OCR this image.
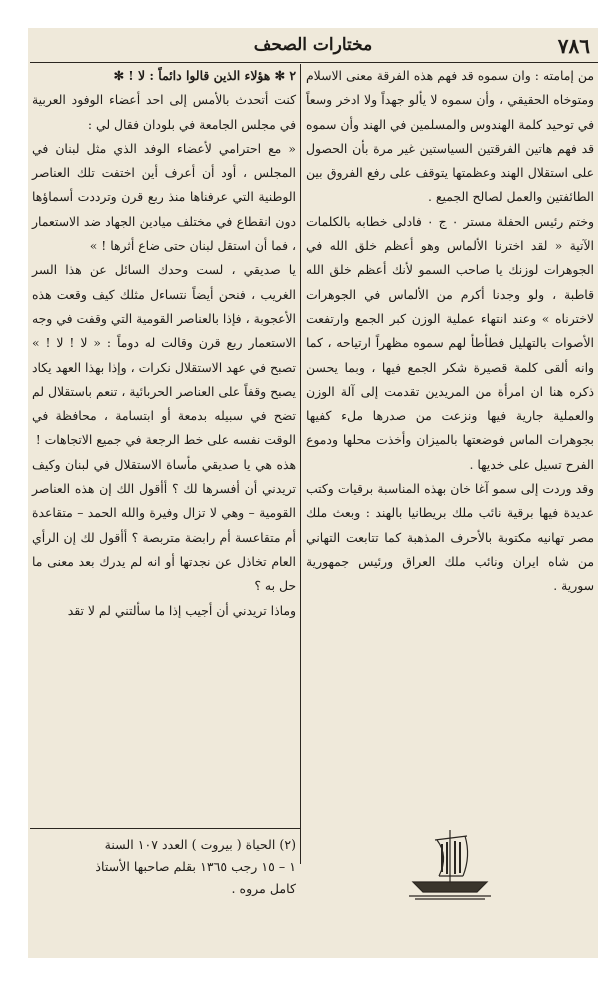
٧٨٦
مختارات الصحف

من إمامته : وان سموه قد فهم هذه الفرقة معنى الاسلام ومتوخاه الحقيقي ، وأن سموه لا يألو جهداً ولا ادخر وسعاً في توحيد كلمة الهندوس والمسلمين في الهند وأن سموه قد فهم هاتين الفرقتين السياستين غير مرة بأن الحصول على استقلال الهند وعظمتها يتوقف على رفع الفروق بين الطائفتين والعمل لصالح الجميع .

وختم رئيس الحفلة مستر ٠ ج ٠ فادلى خطابه بالكلمات الآتية « لقد اخترنا الألماس وهو أعظم خلق الله في الجوهرات لوزنك يا صاحب السمو لأنك أعظم خلق الله قاطبة ، ولو وجدنا أكرم من الألماس في الجوهرات لاخترناه » وعند انتهاء عملية الوزن كبر الجمع وارتفعت الأصوات بالتهليل فطأطأ لهم سموه مظهراً ارتياحه ، كما وانه ألقى كلمة قصيرة شكر الجمع فيها ، وبما يحسن ذكره هنا ان امرأة من المريدين تقدمت إلى آلة الوزن والعملية جارية فيها ونزعت من صدرها ملء كفيها بجوهرات الماس فوضعتها بالميزان وأخذت محلها ودموع الفرح تسيل على خديها .

وقد وردت إلى سمو آغا خان بهذه المناسبة برقيات وكتب عديدة فيها برقية نائب ملك بريطانيا بالهند : وبعث ملك مصر تهانيه مكتوبة بالأحرف المذهبة كما تتابعت التهاني من شاه ايران ونائب ملك العراق ورئيس جمهورية سورية .

٢ ✻ هؤلاء الذين قالوا دائماً : لا ! ✻

كنت أتحدث بالأمس إلى احد أعضاء الوفود العربية في مجلس الجامعة في بلودان فقال لي :

« مع احترامي لأعضاء الوفد الذي مثل لبنان في المجلس ، أود أن أعرف أين اختفت تلك العناصر الوطنية التي عرفناها منذ ربع قرن وترددت أسماؤها دون انقطاع في مختلف ميادين الجهاد ضد الاستعمار ، فما أن استقل لبنان حتى ضاع أثرها ! »

يا صديقي ، لست وحدك السائل عن هذا السر الغريب ، فنحن أيضاً نتساءل مثلك كيف وقعت هذه الأعجوبة ، فإذا بالعناصر القومية التي وقفت في وجه الاستعمار ربع قرن وقالت له دوماً : « لا ! لا ! » تصبح في عهد الاستقلال نكرات ، وإذا بهذا العهد يكاد يصبح وقفاً على العناصر الحربائية ، تنعم باستقلال لم تضح في سبيله بدمعة أو ابتسامة ، محافظة في الوقت نفسه على خط الرجعة في جميع الاتجاهات !

هذه هي يا صديقي مأساة الاستقلال في لبنان وكيف تريدني أن أفسرها لك ؟ أأقول الك إن هذه العناصر القومية – وهي لا تزال وفيرة والله الحمد – متقاعدة أم متقاعسة أم رابضة متربصة ؟ أأقول لك إن الرأي العام تخاذل عن نجدتها أو انه لم يدرك بعد معنى ما حل به ؟

وماذا تريدني أن أجيب إذا ما سألتني لم لا تقد

(٢) الحياة ( بيروت ) العدد ١٠٧ السنة

١ – ١٥ رجب ١٣٦٥ بقلم صاحبها الأستاذ

كامل مروه .
